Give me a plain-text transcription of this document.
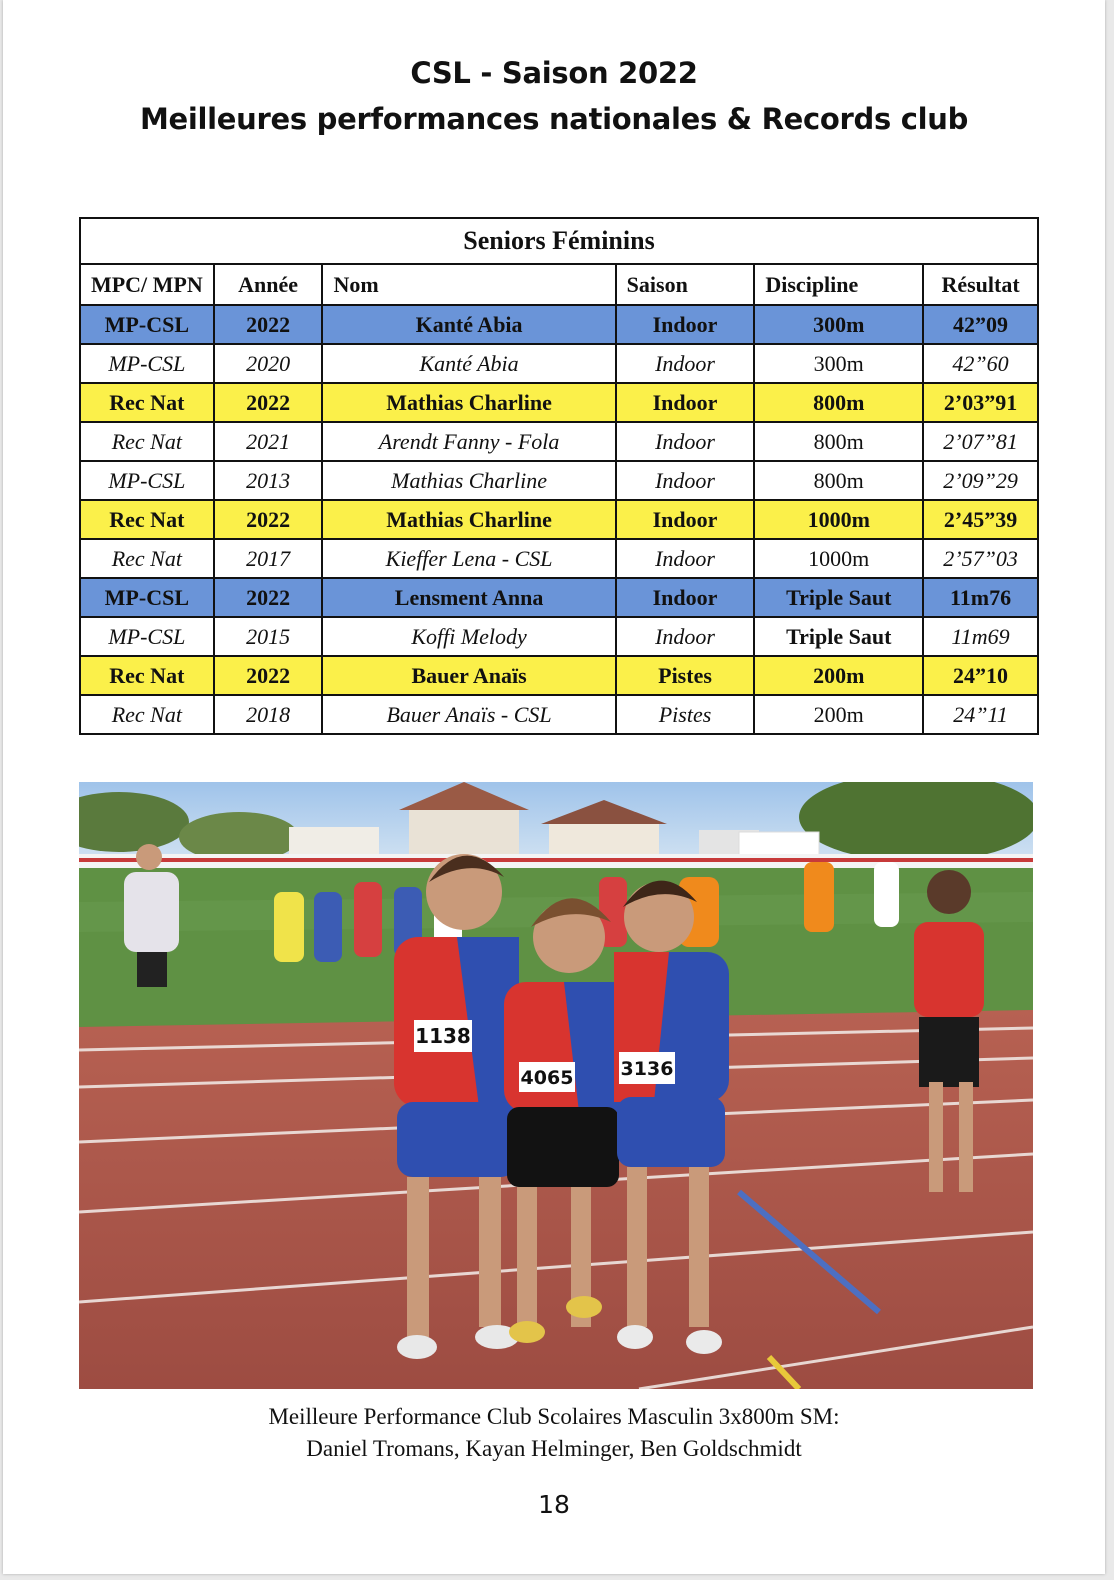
CSL - Saison 2022
Meilleures performances nationales & Records club
Seniors Féminins					
MPC/ MPN	Année	Nom	Saison	Discipline	Résultat
MP-CSL	2022	Kanté Abia	Indoor	300m	42”09
MP-CSL	2020	Kanté Abia	Indoor	300m	42”60
Rec Nat	2022	Mathias Charline	Indoor	800m	2’03”91
Rec Nat	2021	Arendt Fanny - Fola	Indoor	800m	2’07”81
MP-CSL	2013	Mathias Charline	Indoor	800m	2’09”29
Rec Nat	2022	Mathias Charline	Indoor	1000m	2’45”39
Rec Nat	2017	Kieffer Lena - CSL	Indoor	1000m	2’57”03
MP-CSL	2022	Lensment Anna	Indoor	Triple Saut	11m76
MP-CSL	2015	Koffi Melody	Indoor	Triple Saut	11m69
Rec Nat	2022	Bauer Anaïs	Pistes	200m	24”10
Rec Nat	2018	Bauer Anaïs - CSL	Pistes	200m	24”11
1138
4065 3136
Meilleure Performance Club Scolaires Masculin 3x800m SM:
Daniel Tromans, Kayan Helminger, Ben Goldschmidt
18
